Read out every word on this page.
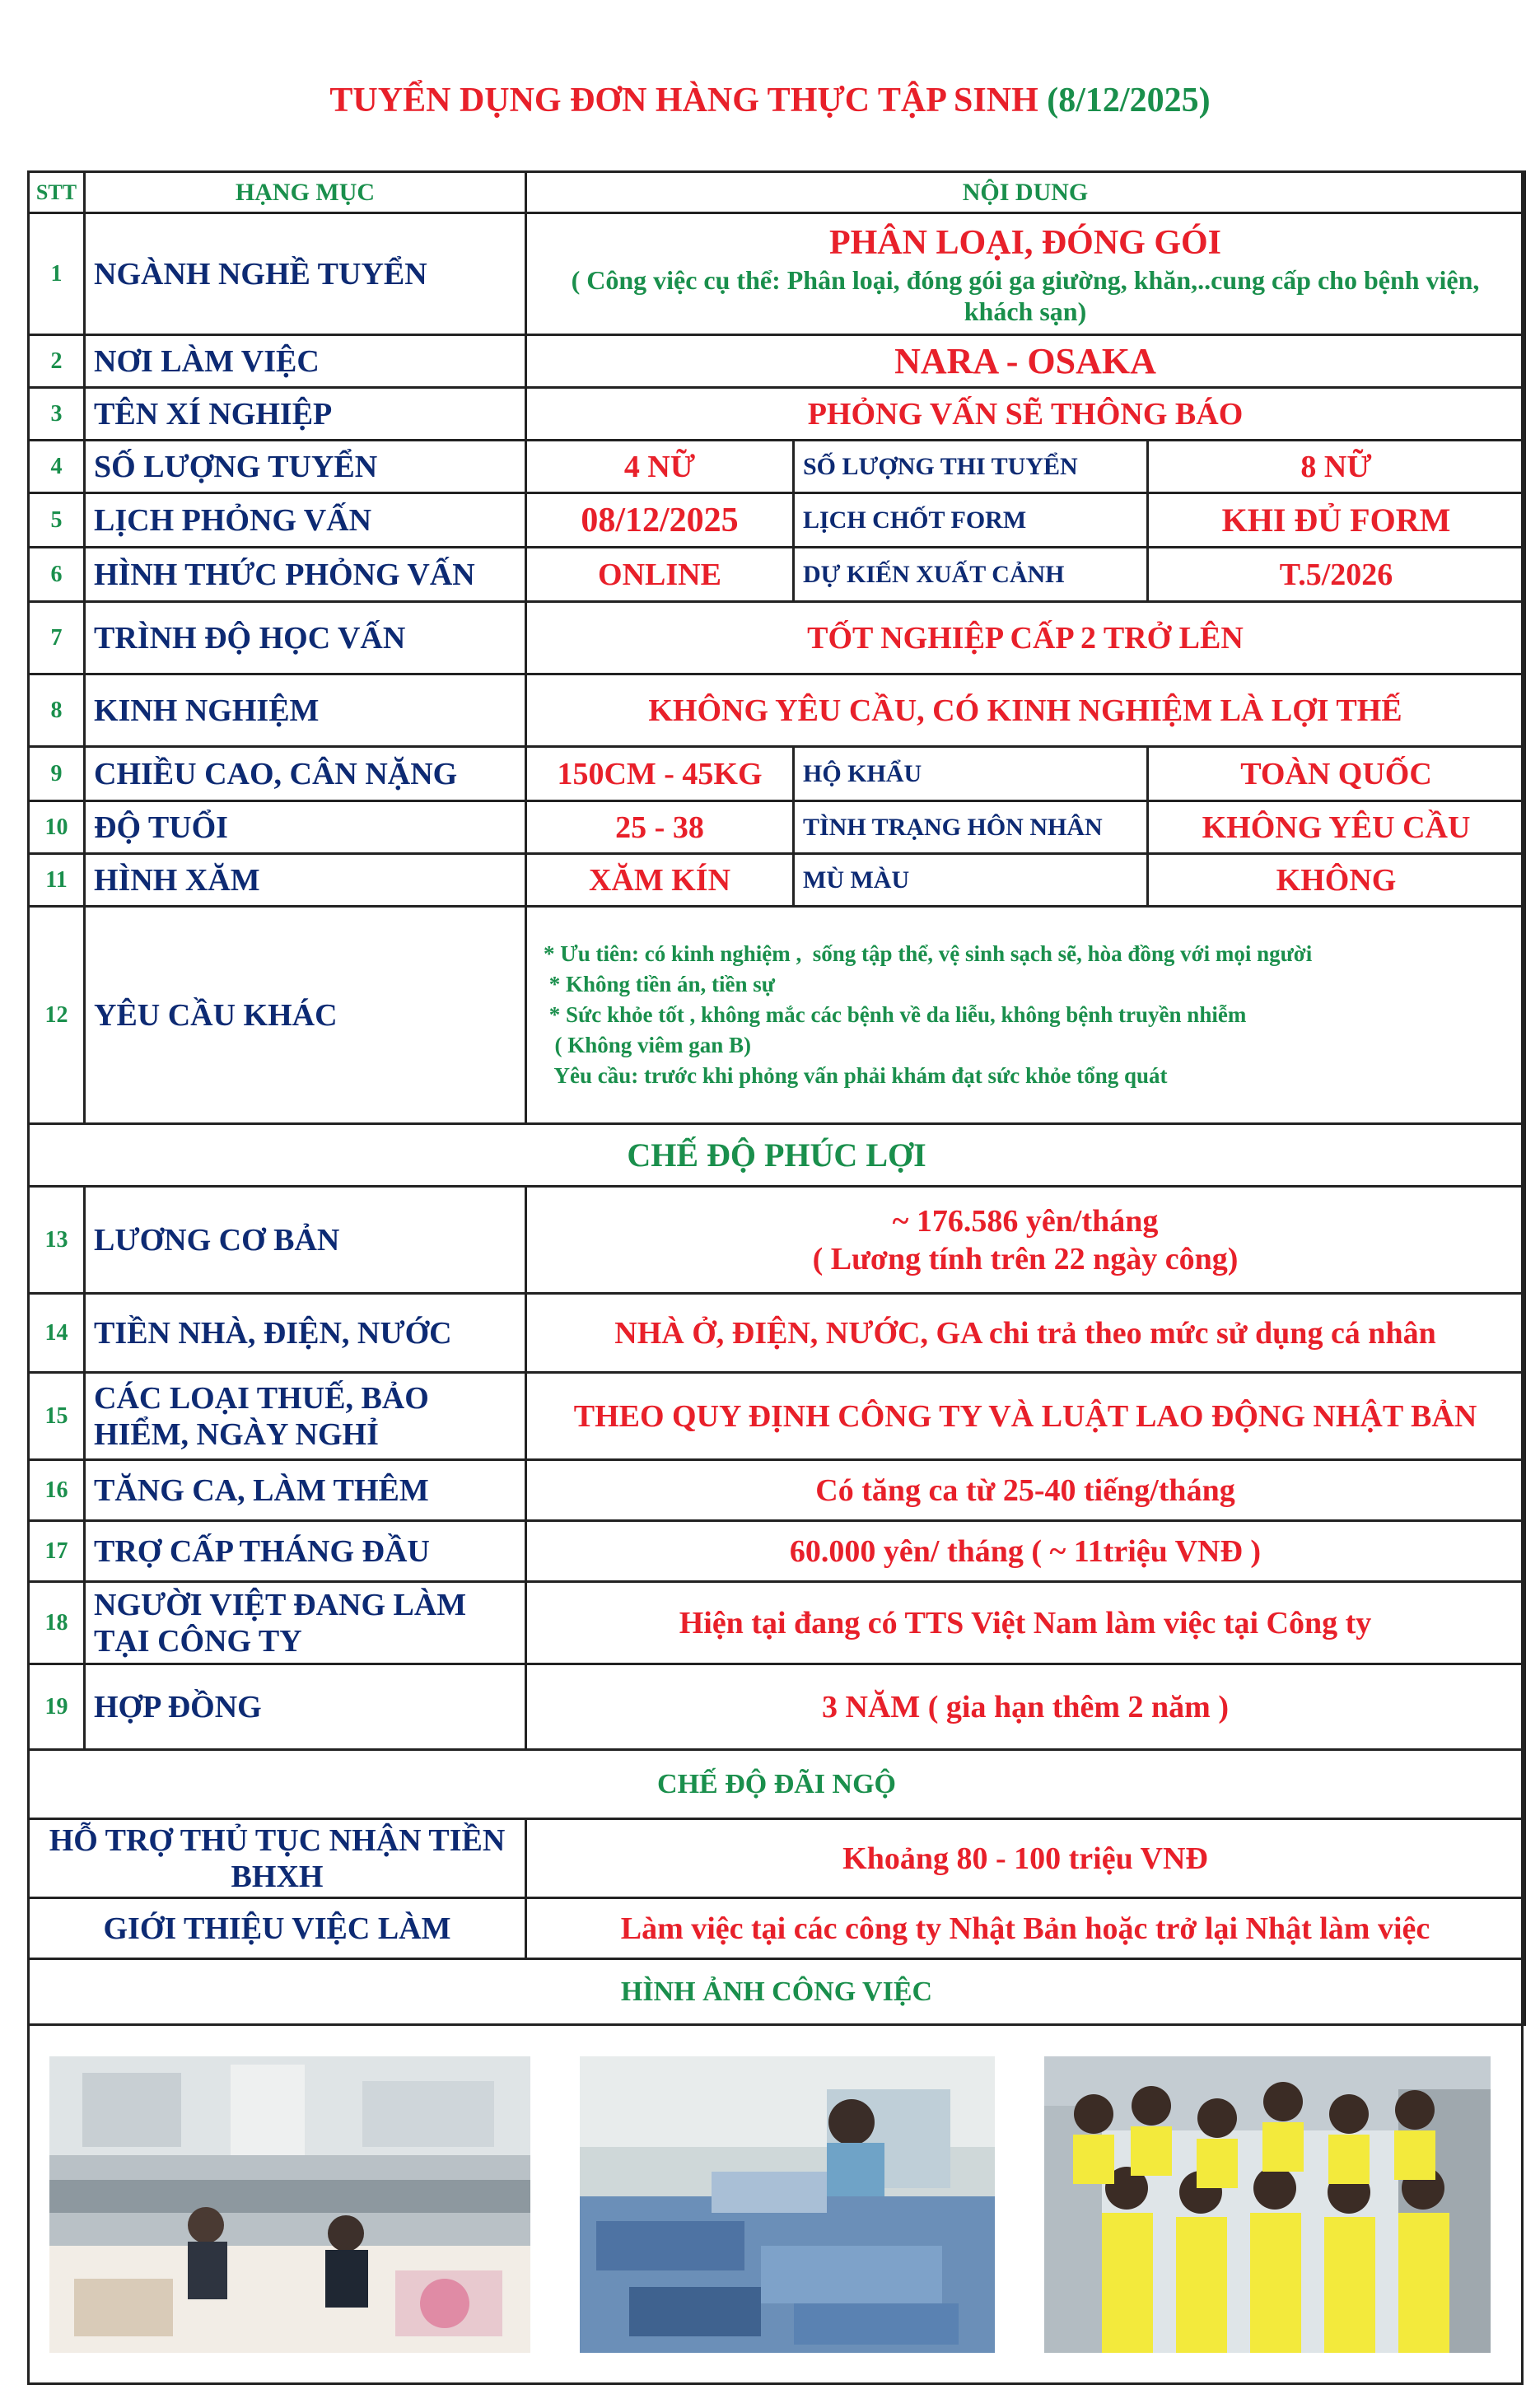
TUYỂN DỤNG ĐƠN HÀNG THỰC TẬP SINH (8/12/2025)
STT	HẠNG MỤC	NỘI DUNG		
1	NGÀNH NGHỀ TUYỂN	PHÂN LOẠI, ĐÓNG GÓI
( Công việc cụ thể: Phân loại, đóng gói ga giường, khăn,..cung cấp cho bệnh viện, khách sạn)		

2	NƠI LÀM VIỆC	NARA - OSAKA		
3	TÊN XÍ NGHIỆP	PHỎNG VẤN SẼ THÔNG BÁO		
4	SỐ LƯỢNG TUYỂN	4 NỮ	SỐ LƯỢNG THI TUYỂN	8 NỮ
5	LỊCH PHỎNG VẤN	08/12/2025	LỊCH CHỐT FORM	KHI ĐỦ FORM
6	HÌNH THỨC PHỎNG VẤN	ONLINE	DỰ KIẾN XUẤT CẢNH	T.5/2026
7	TRÌNH ĐỘ HỌC VẤN	TỐT NGHIỆP CẤP 2 TRỞ LÊN		
8	KINH NGHIỆM	KHÔNG YÊU CẦU, CÓ KINH NGHIỆM LÀ LỢI THẾ		
9	CHIỀU CAO, CÂN NẶNG	150CM - 45KG	HỘ KHẨU	TOÀN QUỐC
10	ĐỘ TUỔI	25 - 38	TÌNH TRẠNG HÔN NHÂN	KHÔNG YÊU CẦU
11	HÌNH XĂM	XĂM KÍN	MÙ MÀU	KHÔNG
12	YÊU CẦU KHÁC	* Ưu tiên: có kinh nghiệm ,  sống tập thể, vệ sinh sạch sẽ, hòa đồng với mọi người
* Không tiền án, tiền sự
* Sức khỏe tốt , không mắc các bệnh về da liễu, không bệnh truyền nhiễm
( Không viêm gan B)
Yêu cầu: trước khi phỏng vấn phải khám đạt sức khỏe tổng quát		

CHẾ ĐỘ PHÚC LỢI				
13	LƯƠNG CƠ BẢN	~ 176.586 yên/tháng
( Lương tính trên 22 ngày công)		

14	TIỀN NHÀ, ĐIỆN, NƯỚC	NHÀ Ở, ĐIỆN, NƯỚC, GA chi trả theo mức sử dụng cá nhân		
15	CÁC LOẠI THUẾ, BẢO HIỂM, NGÀY NGHỈ	THEO QUY ĐỊNH CÔNG TY VÀ LUẬT LAO ĐỘNG NHẬT BẢN		
16	TĂNG CA, LÀM THÊM	Có tăng ca từ 25-40 tiếng/tháng		
17	TRỢ CẤP THÁNG ĐẦU	60.000 yên/ tháng ( ~ 11triệu VNĐ )		
18	NGƯỜI VIỆT ĐANG LÀM TẠI CÔNG TY	Hiện tại đang có TTS Việt Nam làm việc tại Công ty		
19	HỢP ĐỒNG	3 NĂM ( gia hạn thêm 2 năm )		
CHẾ ĐỘ ĐÃI NGỘ				
HỖ TRỢ THỦ TỤC NHẬN TIỀN BHXH		Khoảng 80 - 100 triệu VNĐ		
GIỚI THIỆU VIỆC LÀM		Làm việc tại các công ty Nhật Bản hoặc trở lại Nhật làm việc		
HÌNH ẢNH CÔNG VIỆC				
